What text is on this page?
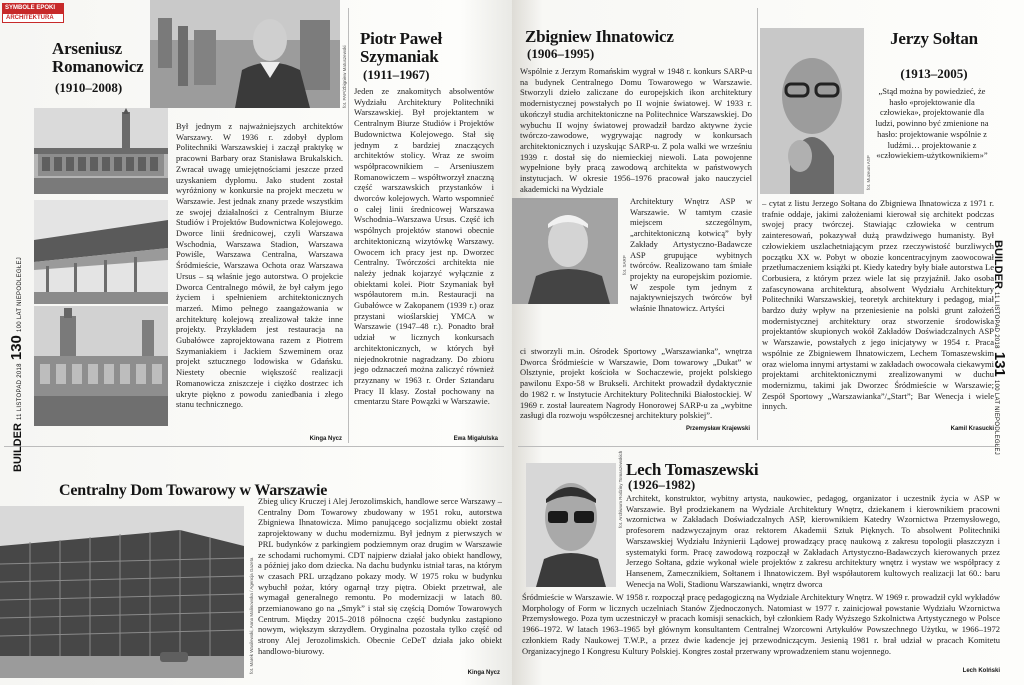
SYMBOLE EPOKI
ARCHITEKTURA
Arseniusz Romanowicz
(1910–2008)	fot. PAP/Zbigniew Matuszewski
Był jednym z najważniejszych architektów Warszawy. W 1936 r. zdobył dyplom Politechniki Warszawskiej i zaczął praktykę w pracowni Barbary oraz Stanisława Brukalskich. Zwracał uwagę umiejętnościami jeszcze przed uzyskaniem dyplomu. Jako student został wyróżniony w konkursie na projekt meczetu w Warszawie. Jest jednak znany przede wszystkim ze swojej działalności z Centralnym Biurze Studiów i Projektów Budownictwa Kolejowego. Dworce linii średnicowej, czyli Warszawa Wschodnia, Warszawa Stadion, Warszawa Powiśle, Warszawa Centralna, Warszawa Śródmieście, Warszawa Ochota oraz Warszawa Ursus – są właśnie jego autorstwa. O projekcie Dworca Centralnego mówił, że był całym jego życiem i spełnieniem architektonicznych marzeń. Mimo pełnego zaangażowania w architekturę kolejową zrealizował także inne projekty. Przykładem jest restauracja na Gubałówce zaprojektowana razem z Piotrem Szymaniakiem i Jackiem Szweminem oraz projekt sztucznego lodowiska w Gdańsku. Niestety obecnie większość realizacji Romanowicza zniszczeje i ciężko dostrzec ich ukryte piękno z powodu zaniedbania i złego stanu technicznego.
Kinga Nycz
Piotr Paweł Szymaniak
(1911–1967)
Jeden ze znakomitych absolwentów Wydziału Architektury Politechniki Warszawskiej. Był projektantem w Centralnym Biurze Studiów i Projektów Budownictwa Kolejowego. Stał się jednym z bardziej znaczących architektów stolicy. Wraz ze swoim współpracownikiem – Arseniuszem Romanowiczem – współtworzył znaczną część warszawskich przystanków i dworców kolejowych. Warto wspomnieć o całej linii średnicowej Warszawa Wschodnia–Warszawa Ursus. Część ich wspólnych projektów stanowi obecnie architektoniczną wizytówkę Warszawy. Owocem ich pracy jest np. Dworzec Centralny. Twórczości architekta nie należy jednak kojarzyć wyłącznie z obiektami kolei. Piotr Szymaniak był współautorem m.in. Restauracji na Gubałówce w Zakopanem (1939 r.) oraz przystani wioślarskiej YMCA w Warszawie (1947–48 r.). Ponadto brał udział w licznych konkursach architektonicznych, w których był niejednokrotnie nagradzany. Do zbioru jego odznaczeń można zaliczyć również przyznany w 1963 r. Order Sztandaru Pracy II klasy. Został pochowany na cmentarzu Stare Powązki w Warszawie.
Ewa Migałulska
Centralny Dom Towarowy w Warszawie
fot. Marek Wasilewski, Anna Malinowska / Agencja Gazeta
Zbieg ulicy Kruczej i Alej Jerozolimskich, handlowe serce Warszawy – Centralny Dom Towarowy zbudowany w 1951 roku, autorstwa Zbigniewa Ihnatowicza. Mimo panującego socjalizmu obiekt został zaprojektowany w duchu modernizmu. Był jednym z pierwszych w PRL budynków z parkingiem podziemnym oraz drugim w Warszawie ze schodami ruchomymi. CDT najpierw działał jako obiekt handlowy, a później jako dom dziecka. Na dachu budynku istniał taras, na którym w czasach PRL urządzano pokazy mody. W 1975 roku w budynku wybuchł pożar, który ogarnął trzy piętra. Obiekt przetrwał, ale wymagał generalnego remontu. Po modernizacji w latach 80. przemianowano go na „Smyk” i stał się częścią Domów Towarowych Centrum. Między 2015–2018 północna część budynku zastąpiono nowym, większym skrzydłem. Oryginalna pozostała tylko część od strony Alej Jerozolimskich. Obecnie CeDeT działa jako obiekt handlowo-biurowy.
Kinga Nycz
BUILDER 11 LISTOPAD 2018 130 100 LAT NIEPODLEGŁEJ
Zbigniew Ihnatowicz
(1906–1995)
Wspólnie z Jerzym Romańskim wygrał w 1948 r. konkurs SARP-u na budynek Centralnego Domu Towarowego w Warszawie. Stworzyli dzieło zaliczane do europejskich ikon architektury modernistycznej powstałych po II wojnie światowej. W 1933 r. ukończył studia architektoniczne na Politechnice Warszawskiej. Do wybuchu II wojny światowej prowadził bardzo aktywne życie twórczo-zawodowe, wygrywając nagrody w konkursach architektonicznych i uzyskując SARP-u. Z pola walki we wrześniu 1939 r. dostał się do niemieckiej niewoli. Lata powojenne wypełnione były pracą zawodową architekta w państwowych instytucjach. W okresie 1956–1976 pracował jako nauczyciel akademicki na Wydziale
fot. SARP
Architektury Wnętrz ASP w Warszawie. W tamtym czasie miejscem szczególnym, „architektoniczną kotwicą” były Zakłady Artystyczno-Badawcze ASP grupujące wybitnych twórców. Realizowano tam śmiałe projekty na europejskim poziomie. W zespole tym jednym z najaktywniejszych twórców był właśnie Ihnatowicz. Artyści
ci stworzyli m.in. Ośrodek Sportowy „Warszawianka”, wnętrza Dworca Śródmieście w Warszawie, Dom towarowy „Dukat” w Olsztynie, projekt kościoła w Sochaczewie, projekt polskiego pawilonu Expo-58 w Brukseli. Architekt prowadził dydaktycznie do 1982 r. w Instytucie Architektury Politechniki Białostockiej. W 1969 r. został laureatem Nagrody Honorowej SARP-u za „wybitne zasługi dla rozwoju współczesnej architektury polskiej”.
Przemysław Krajewski
fot. Muzeum ASP
Jerzy Sołtan
(1913–2005)
„Stąd można by powiedzieć, że hasło «projektowanie dla człowieka», projektowanie dla ludzi, powinno być zmienione na hasło: projektowanie wspólnie z ludźmi… projektowanie z «człowiekiem-użytkownikiem»”
– cytat z listu Jerzego Sołtana do Zbigniewa Ihnatowicza z 1971 r. trafnie oddaje, jakimi założeniami kierował się architekt podczas swojej pracy twórczej. Stawiając człowieka w centrum zainteresowań, pokazywał dużą prawdziwego humanisty. Był człowiekiem uszlachetniającym przez rzeczywistość burzliwych początku XX w. Pobyt w obozie koncentracyjnym zaowocował przetłumaczeniem książki pt. Kiedy katedry były białe autorstwa Le Corbusiera, z którym przez wiele lat się przyjaźnił. Jako osoba zafascynowana architekturą, absolwent Wydziału Architektury Politechniki Warszawskiej, teoretyk architektury i pedagog, miał bardzo duży wpływ na przeniesienie na polski grunt założeń modernistycznej architektury oraz stworzenie środowiska projektantów skupionych wokół Zakładów Doświadczalnych ASP w Warszawie, powstałych z jego inicjatywy w 1954 r. Praca wspólnie ze Zbigniewem Ihnatowiczem, Lechem Tomaszewskim oraz wieloma innymi artystami w zakładach owocowała ciekawymi projektami architektonicznymi zrealizowanymi w duchu modernizmu, takimi jak Dworzec Śródmieście w Warszawie; Zespół Sportowy „Warszawianka”/„Start”; Bar Wenecja i wiele innych.
Kamil Krasucki
fot. Archiwum Rodziny Tomaszewskich Lech Tomaszewski
(1926–1982)
Architekt, konstruktor, wybitny artysta, naukowiec, pedagog, organizator i uczestnik życia w ASP w Warszawie. Był prodziekanem na Wydziale Architektury Wnętrz, dziekanem i kierownikiem pracowni wzornictwa w Zakładach Doświadczalnych ASP, kierownikiem Katedry Wzornictwa Przemysłowego, profesorem nadzwyczajnym oraz rektorem Akademii Sztuk Pięknych. To absolwent Politechniki Warszawskiej Wydziału Inżynierii Lądowej prowadzący pracę naukową z zakresu topologii płaszczyzn i systematyki form. Pracę zawodową rozpoczął w Zakładach Artystyczno-Badawczych kierowanych przez Jerzego Sołtana, gdzie wykonał wiele projektów z zakresu architektury wnętrz i wystaw we współpracy z Hansenem, Zamecznikiem, Sołtanem i Ihnatowiczem. Był współautorem kultowych realizacji lat 60.: baru Wenecja na Woli, Stadionu Warszawianki, wnętrz dworca
Śródmieście w Warszawie. W 1958 r. rozpoczął pracę pedagogiczną na Wydziale Architektury Wnętrz. W 1969 r. prowadził cykl wykładów Morphology of Form w licznych uczelniach Stanów Zjednoczonych. Natomiast w 1977 r. zainicjował powstanie Wydziału Wzornictwa Przemysłowego. Poza tym uczestniczył w pracach komisji senackich, był członkiem Rady Wyższego Szkolnictwa Artystycznego w Polsce 1966–1972. W latach 1963–1965 był głównym konsultantem Centralnej Wzorcowni Artykułów Powszechnego Użytku, w 1966–1972 członkiem Rady Naukowej T.W.P., a przez dwie kadencje jej przewodniczącym. Jesienią 1981 r. brał udział w pracach Komitetu Organizacyjnego I Kongresu Kultury Polskiej. Kongres został przerwany wprowadzeniem stanu wojennego.
Lech Kolński
BUILDER 11 LISTOPAD 2018 131 100 LAT NIEPODLEGŁEJ
